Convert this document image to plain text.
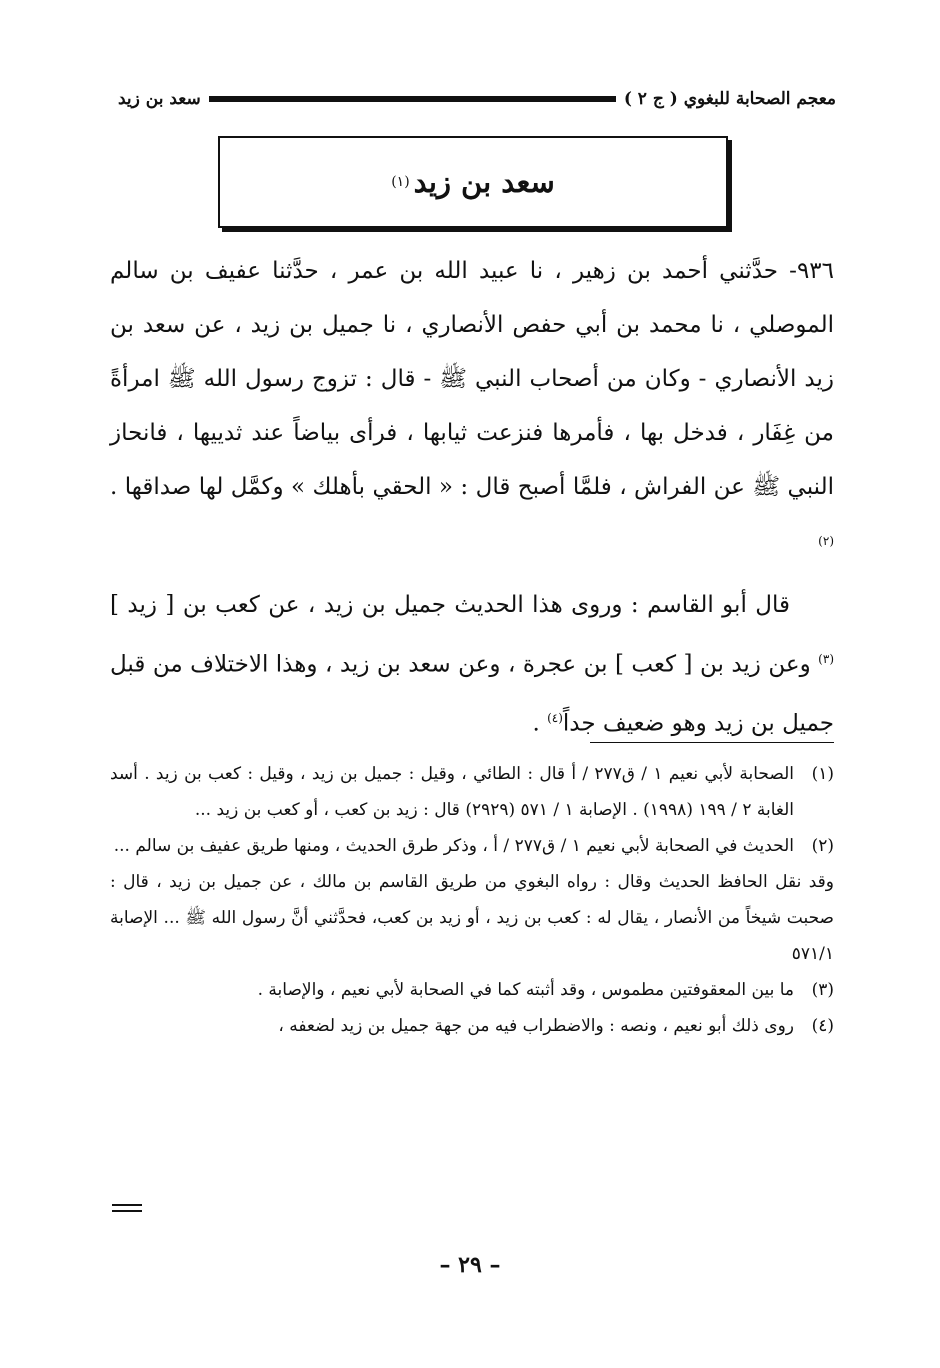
معجم الصحابة للبغوي ( ج ٢ )
سعد بن زيد
سعد بن زيد
(١)

٩٣٦- حدَّثني أحمد بن زهير ، نا عبيد الله بن عمر ، حدَّثنا عفيف بن سالم الموصلي ، نا محمد بن أبي حفص الأنصاري ، نا جميل بن زيد ، عن سعد بن زيد الأنصاري - وكان من أصحاب النبي ﷺ - قال : تزوج رسول الله ﷺ امرأةً من غِفَار ، فدخل بها ، فأمرها فنزعت ثيابها ، فرأى بياضاً عند ثدييها ، فانحاز النبي ﷺ عن الفراش ، فلمَّا أصبح قال : « الحقي بأهلك » وكمَّل لها صداقها . $^{(٢)}$

قال أبو القاسم : وروى هذا الحديث جميل بن زيد ، عن كعب بن [ زيد ] $^{(٣)}$ وعن زيد بن [ كعب ] بن عجرة ، وعن سعد بن زيد ، وهذا الاختلاف من قبل جميل بن زيد وهو ضعيف جداً$^{(٤)}$ .

(١)
الصحابة لأبي نعيم ١ / ق٢٧٧ / أ قال : الطائي ، وقيل : جميل بن زيد ، وقيل : كعب بن زيد . أسد الغابة ٢ / ١٩٩ (١٩٩٨) . الإصابة ١ / ٥٧١ (٢٩٢٩) قال : زيد بن كعب ، أو كعب بن زيد ...
(٢)
الحديث في الصحابة لأبي نعيم ١ / ق٢٧٧ / أ ، وذكر طرق الحديث ، ومنها طريق عفيف بن سالم ...
وقد نقل الحافظ الحديث وقال : رواه البغوي من طريق القاسم بن مالك ، عن جميل بن زيد ، قال : صحبت شيخاً من الأنصار ، يقال له : كعب بن زيد ، أو زيد بن كعب، فحدَّثني أنَّ رسول الله ﷺ ... الإصابة ٥٧١/١
(٣)
ما بين المعقوفتين مطموس ، وقد أثبته كما في الصحابة لأبي نعيم ، والإصابة .
(٤)
روى ذلك أبو نعيم ، ونصه : والاضطراب فيه من جهة جميل بن زيد لضعفه ،
– ٢٩ –
